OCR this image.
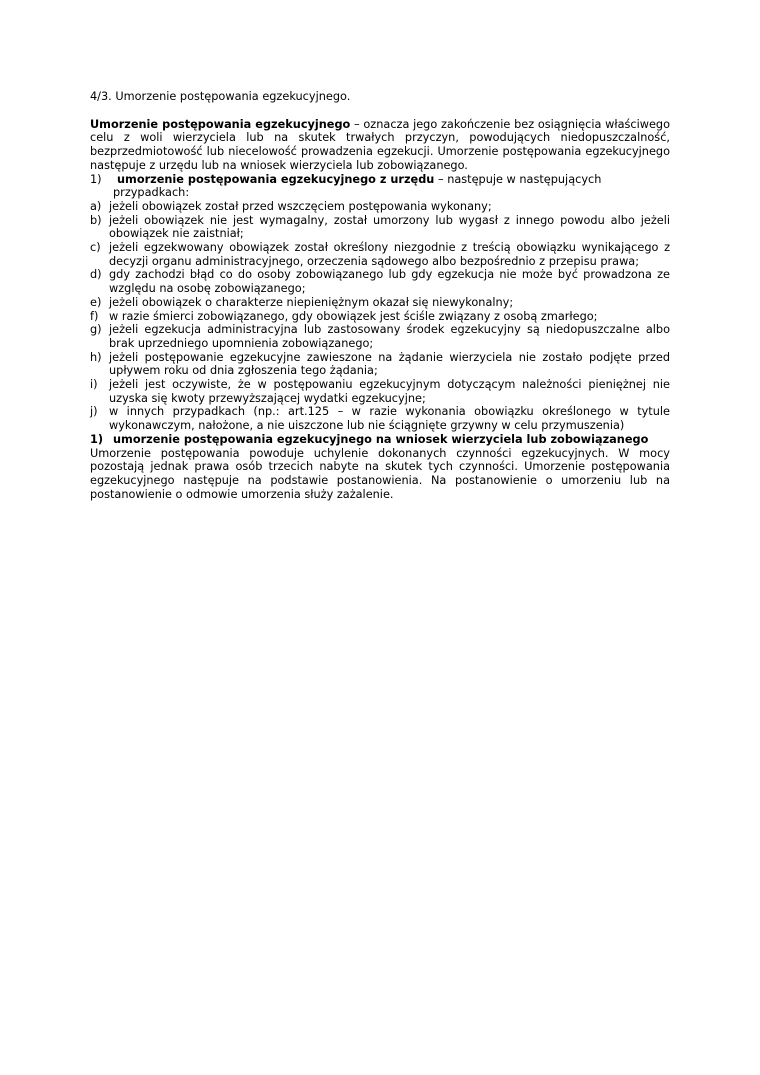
4/3. Umorzenie postępowania egzekucyjnego.

Umorzenie postępowania egzekucyjnego – oznacza jego zakończenie bez osiągnięcia właściwego celu z woli wierzyciela lub na skutek trwałych przyczyn, powodujących niedopuszczalność, bezprzedmiotowość lub niecelowość prowadzenia egzekucji. Umorzenie postępowania egzekucyjnego następuje z urzędu lub na wniosek wierzyciela lub zobowiązanego.

1)	umorzenie postępowania egzekucyjnego z urzędu – następuje w następujących przypadkach:
a) jeżeli obowiązek został przed wszczęciem postępowania wykonany;
b) jeżeli obowiązek nie jest wymagalny, został umorzony lub wygasł z innego powodu albo jeżeli obowiązek nie zaistniał;
c) jeżeli egzekwowany obowiązek został określony niezgodnie z treścią obowiązku wynikającego z decyzji organu administracyjnego, orzeczenia sądowego albo bezpośrednio z przepisu prawa;
d) gdy zachodzi błąd co do osoby zobowiązanego lub gdy egzekucja nie może być prowadzona ze względu na osobę zobowiązanego;
e) jeżeli obowiązek o charakterze niepieniężnym okazał się niewykonalny;
f) w razie śmierci zobowiązanego, gdy obowiązek jest ściśle związany z osobą zmarłego;
g) jeżeli egzekucja administracyjna lub zastosowany środek egzekucyjny są niedopuszczalne albo brak uprzedniego upomnienia zobowiązanego;
h) jeżeli postępowanie egzekucyjne zawieszone na żądanie wierzyciela nie zostało podjęte przed upływem roku od dnia zgłoszenia tego żądania;
i)	jeżeli jest oczywiste, że w postępowaniu egzekucyjnym dotyczącym należności pieniężnej nie uzyska się kwoty przewyższającej wydatki egzekucyjne;
j)	w innych przypadkach (np.: art.125 – w razie wykonania obowiązku określonego w tytule wykonawczym, nałożone, a nie uiszczone lub nie ściągnięte grzywny w celu przymuszenia)
1) umorzenie postępowania egzekucyjnego na wniosek wierzyciela lub zobowiązanego

Umorzenie postępowania powoduje uchylenie dokonanych czynności egzekucyjnych. W mocy pozostają jednak prawa osób trzecich nabyte na skutek tych czynności. Umorzenie postępowania egzekucyjnego następuje na podstawie postanowienia. Na postanowienie o umorzeniu lub na postanowienie o odmowie umorzenia służy zażalenie.
